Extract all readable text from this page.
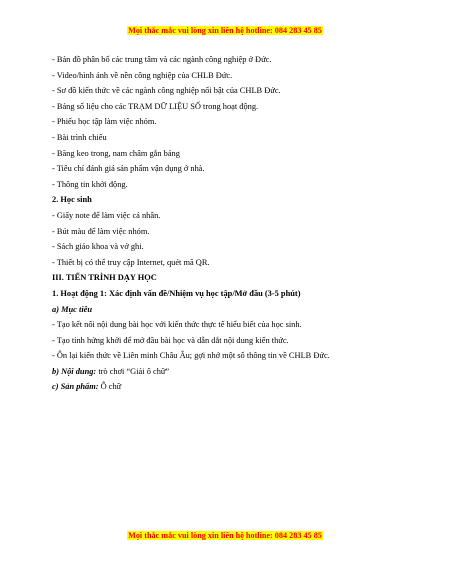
Mọi thắc mắc vui lòng xin liên hệ hotline: 084 283 45 85
- Bản đồ phân bố các trung tâm và các ngành công nghiệp ở Đức.
- Video/hình ảnh về nền công nghiệp của CHLB Đức.
- Sơ đồ kiến thức về các ngành công nghiệp nổi bật của CHLB Đức.
- Bảng số liệu cho các TRẠM DỮ LIỆU SỐ trong hoạt động.
- Phiếu học tập làm việc nhóm.
- Bài trình chiếu
- Băng keo trong, nam châm gắn bảng
- Tiêu chí đánh giá sản phẩm vận dụng ở nhà.
- Thông tin khởi động.
2. Học sinh
- Giấy note để làm việc cá nhân.
- Bút màu để làm việc nhóm.
- Sách giáo khoa và vở ghi.
- Thiết bị có thể truy cập Internet, quét mã QR.
III. TIẾN TRÌNH DẠY HỌC
1. Hoạt động 1: Xác định vấn đề/Nhiệm vụ học tập/Mở đầu (3-5 phút)
a) Mục tiêu
- Tạo kết nối nội dung bài học với kiến thức thực tế hiểu biết của học sinh.
- Tạo tính hứng khởi để mở đầu bài học và dẫn dắt nội dung kiến thức.
- Ôn lại kiến thức về Liên minh Châu Âu; gợi nhớ một số thông tin về CHLB Đức.
b) Nội dung: trò chơi “Giải ô chữ”
c) Sản phẩm: Ô chữ
Mọi thắc mắc vui lòng xin liên hệ hotline: 084 283 45 85
